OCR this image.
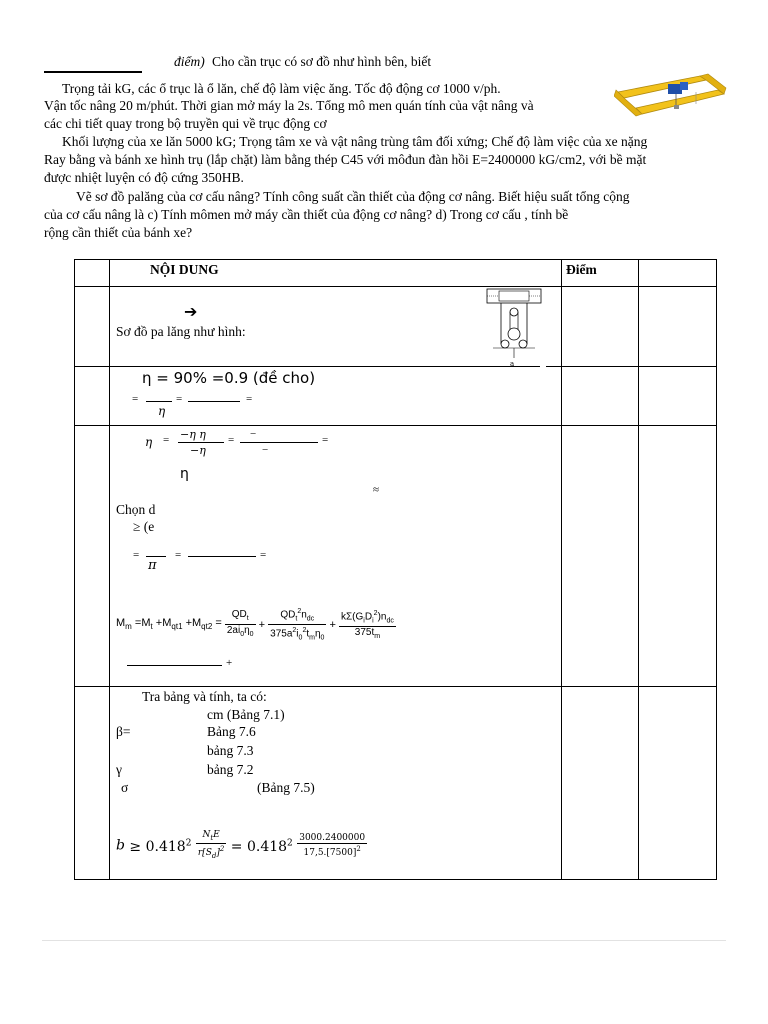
điểm) Cho cần trục có sơ đồ như hình bên, biết
Trọng tải kG, các ổ trục là ổ lăn, chế độ làm việc ăng. Tốc độ động cơ 1000 v/ph.
Vận tốc nâng 20 m/phút. Thời gian mở máy la 2s. Tổng mô men quán tính của vật nâng và
các chi tiết quay trong bộ truyền qui về trục động cơ
Khối lượng của xe lăn 5000 kG; Trọng tâm xe và vật nâng trùng tâm đối xứng; Chế độ làm việc của xe nặng
Ray bằng và bánh xe hình trụ (lắp chặt) làm bằng thép C45 với môđun đàn hồi E=2400000 kG/cm2, với bề mặt
được nhiệt luyện có độ cứng 350HB.
Vẽ sơ đồ palăng của cơ cấu nâng? Tính công suất cần thiết của động cơ nâng. Biết hiệu suất tổng cộng
của cơ cấu nâng là c) Tính mômen mở máy cần thiết của động cơ nâng? d) Trong cơ cấu , tính bề
rộng cần thiết của bánh xe?
NỘI DUNG	Điểm
➔
Sơ đồ pa lăng như hình:
a
η = 90% =0.9 (đề cho)
=
η
=	=
η = −η η
−η
= −
−
=
η
≈
Chọn d
≥ (e
=
π
=	=
$M_m =M_t +M_{qt1} +M_{qt2} = \frac{QD_t}{2ai_0\eta_0} + \frac{QD_t^2n_{dc}}{375a^2i_0^2t_m\eta_0} + \frac{k\Sigma(G_iD_i^2)n_{dc}}{375t_m}$
+
Tra bảng và tính, ta có:
cm (Bảng 7.1)
β=	Bảng 7.6
bảng 7.3
γ	bảng 7.2
σ	(Bảng 7.5)
$b \ge 0.418^2 \frac{N_tE}{r[S_d]^2} = 0.418^2 \frac{3000.2400000}{17,5.[7500]^2}$
